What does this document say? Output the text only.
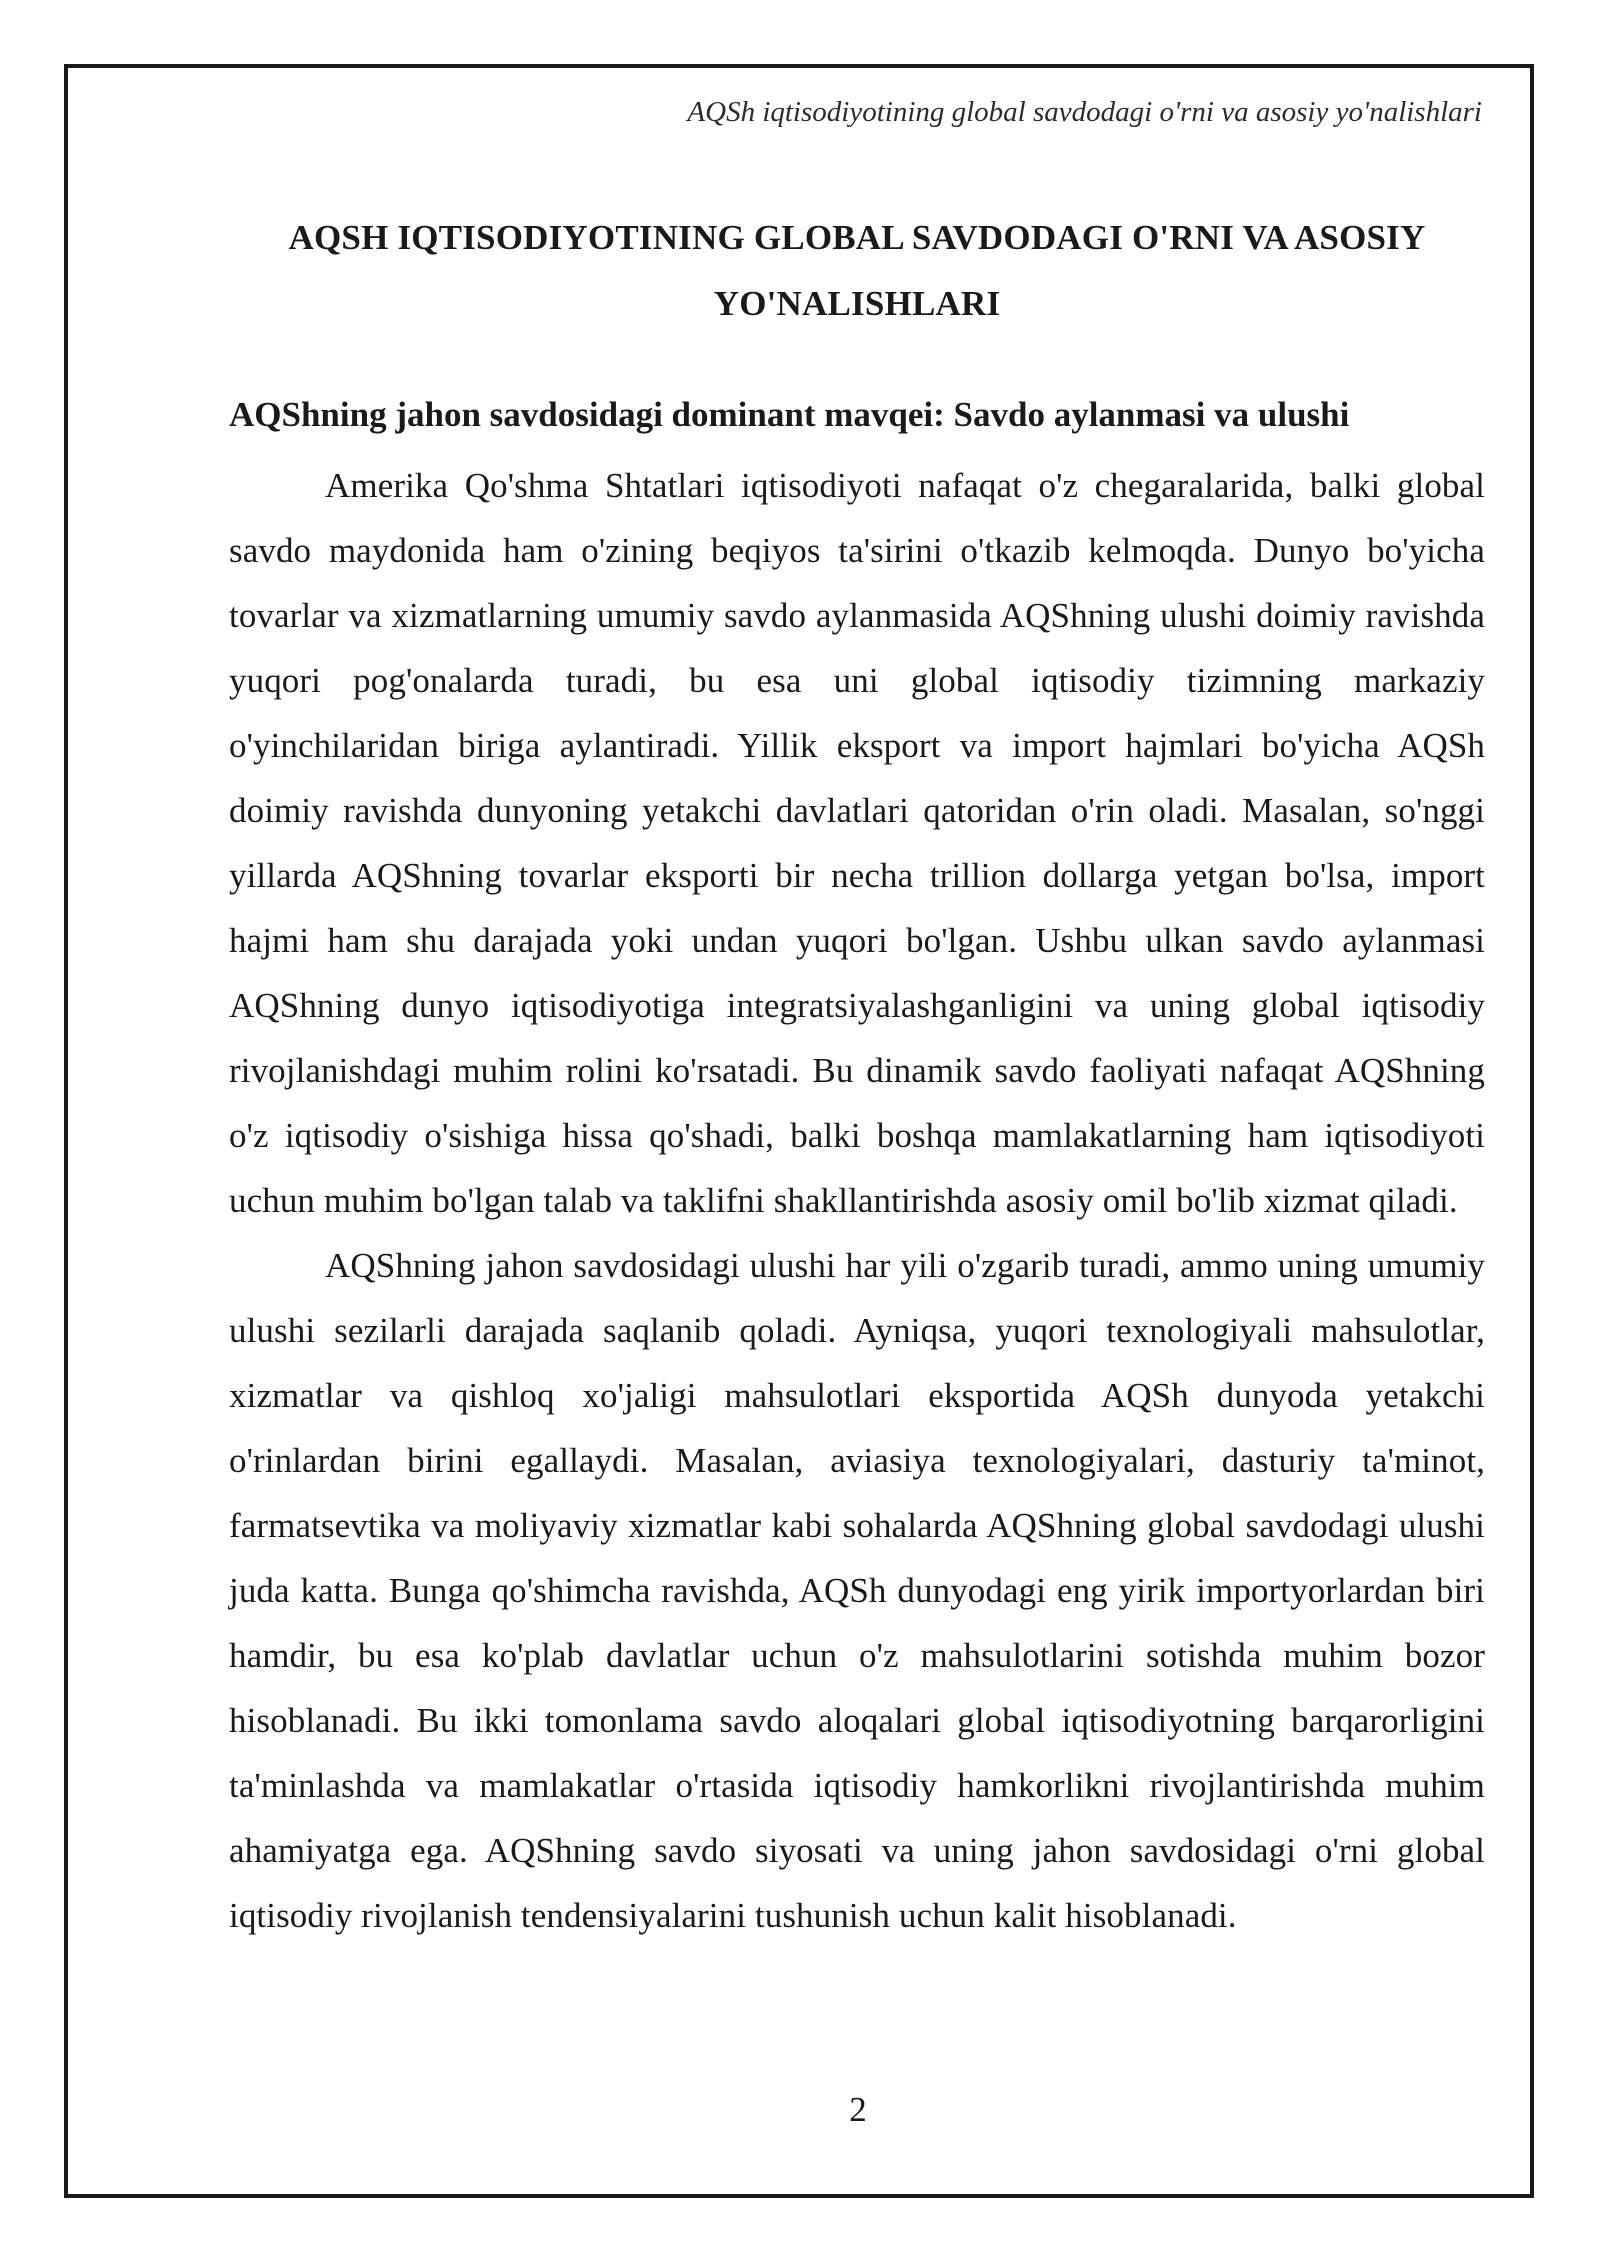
AQSh iqtisodiyotining global savdodagi o'rni va asosiy yo'nalishlari
AQSH IQTISODIYOTINING GLOBAL SAVDODAGI O'RNI VA ASOSIY YO'NALISHLARI
AQShning jahon savdosidagi dominant mavqei: Savdo aylanmasi va ulushi

Amerika Qo'shma Shtatlari iqtisodiyoti nafaqat o'z chegaralarida, balki global savdo maydonida ham o'zining beqiyos ta'sirini o'tkazib kelmoqda. Dunyo bo'yicha tovarlar va xizmatlarning umumiy savdo aylanmasida AQShning ulushi doimiy ravishda yuqori pog'onalarda turadi, bu esa uni global iqtisodiy tizimning markaziy o'yinchilaridan biriga aylantiradi. Yillik eksport va import hajmlari bo'yicha AQSh doimiy ravishda dunyoning yetakchi davlatlari qatoridan o'rin oladi. Masalan, so'nggi yillarda AQShning tovarlar eksporti bir necha trillion dollarga yetgan bo'lsa, import hajmi ham shu darajada yoki undan yuqori bo'lgan. Ushbu ulkan savdo aylanmasi AQShning dunyo iqtisodiyotiga integratsiyalashganligini va uning global iqtisodiy rivojlanishdagi muhim rolini ko'rsatadi. Bu dinamik savdo faoliyati nafaqat AQShning o'z iqtisodiy o'sishiga hissa qo'shadi, balki boshqa mamlakatlarning ham iqtisodiyoti uchun muhim bo'lgan talab va taklifni shakllantirishda asosiy omil bo'lib xizmat qiladi.

AQShning jahon savdosidagi ulushi har yili o'zgarib turadi, ammo uning umumiy ulushi sezilarli darajada saqlanib qoladi. Ayniqsa, yuqori texnologiyali mahsulotlar, xizmatlar va qishloq xo'jaligi mahsulotlari eksportida AQSh dunyoda yetakchi o'rinlardan birini egallaydi. Masalan, aviasiya texnologiyalari, dasturiy ta'minot, farmatsevtika va moliyaviy xizmatlar kabi sohalarda AQShning global savdodagi ulushi juda katta. Bunga qo'shimcha ravishda, AQSh dunyodagi eng yirik importyorlardan biri hamdir, bu esa ko'plab davlatlar uchun o'z mahsulotlarini sotishda muhim bozor hisoblanadi. Bu ikki tomonlama savdo aloqalari global iqtisodiyotning barqarorligini ta'minlashda va mamlakatlar o'rtasida iqtisodiy hamkorlikni rivojlantirishda muhim ahamiyatga ega. AQShning savdo siyosati va uning jahon savdosidagi o'rni global iqtisodiy rivojlanish tendensiyalarini tushunish uchun kalit hisoblanadi.

2
